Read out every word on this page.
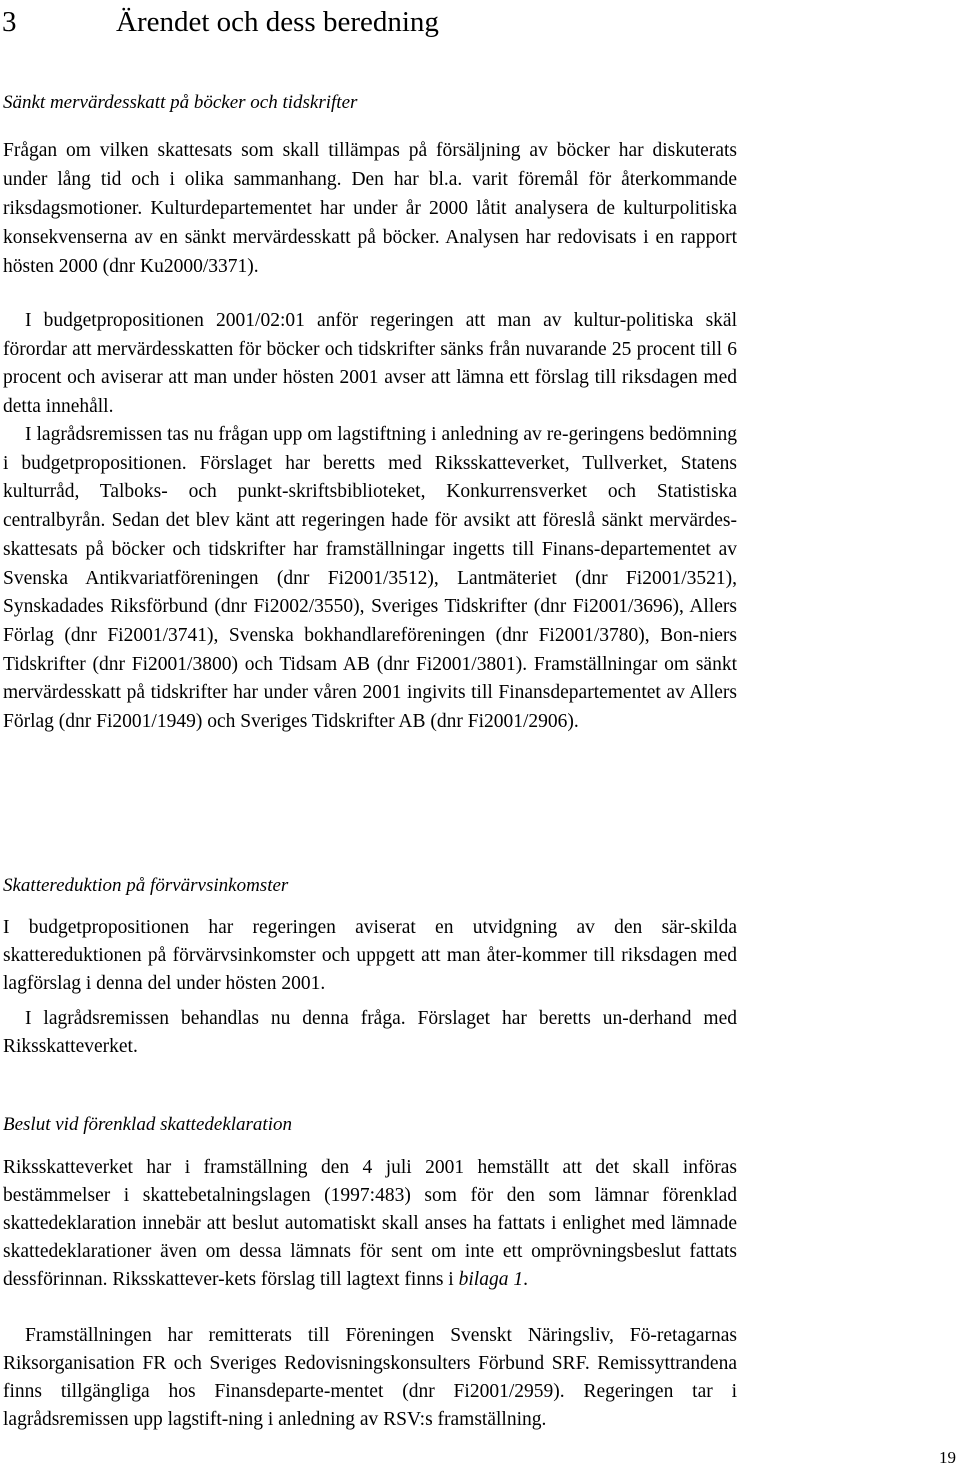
3	Ärendet och dess beredning
Sänkt mervärdesskatt på böcker och tidskrifter
Frågan om vilken skattesats som skall tillämpas på försäljning av böcker har diskuterats under lång tid och i olika sammanhang. Den har bl.a. varit föremål för återkommande riksdagsmotioner. Kulturdepartementet har under år 2000 låtit analysera de kulturpolitiska konsekvenserna av en sänkt mervärdesskatt på böcker. Analysen har redovisats i en rapport hösten 2000 (dnr Ku2000/3371).
I budgetpropositionen 2001/02:01 anför regeringen att man av kultur-politiska skäl förordar att mervärdesskatten för böcker och tidskrifter sänks från nuvarande 25 procent till 6 procent och aviserar att man under hösten 2001 avser att lämna ett förslag till riksdagen med detta innehåll.
I lagrådsremissen tas nu frågan upp om lagstiftning i anledning av re-geringens bedömning i budgetpropositionen. Förslaget har beretts med Riksskatteverket, Tullverket, Statens kulturråd, Talboks- och punkt-skriftsbiblioteket, Konkurrensverket och Statistiska centralbyrån. Sedan det blev känt att regeringen hade för avsikt att föreslå sänkt mervärdes-skattesats på böcker och tidskrifter har framställningar ingetts till Finans-departementet av Svenska Antikvariatföreningen (dnr Fi2001/3512), Lantmäteriet (dnr Fi2001/3521), Synskadades Riksförbund (dnr Fi2002/3550), Sveriges Tidskrifter (dnr Fi2001/3696), Allers Förlag (dnr Fi2001/3741), Svenska bokhandlareföreningen (dnr Fi2001/3780), Bon-niers Tidskrifter (dnr Fi2001/3800) och Tidsam AB (dnr Fi2001/3801). Framställningar om sänkt mervärdesskatt på tidskrifter har under våren 2001 ingivits till Finansdepartementet av Allers Förlag (dnr Fi2001/1949) och Sveriges Tidskrifter AB (dnr Fi2001/2906).
Skattereduktion på förvärvsinkomster
I budgetpropositionen har regeringen aviserat en utvidgning av den sär-skilda skattereduktionen på förvärvsinkomster och uppgett att man åter-kommer till riksdagen med lagförslag i denna del under hösten 2001.
I lagrådsremissen behandlas nu denna fråga. Förslaget har beretts un-derhand med Riksskatteverket.
Beslut vid förenklad skattedeklaration
Riksskatteverket har i framställning den 4 juli 2001 hemställt att det skall införas bestämmelser i skattebetalningslagen (1997:483) som för den som lämnar förenklad skattedeklaration innebär att beslut automatiskt skall anses ha fattats i enlighet med lämnade skattedeklarationer även om dessa lämnats för sent om inte ett omprövningsbeslut fattats dessförinnan. Riksskattever-kets förslag till lagtext finns i bilaga 1.
Framställningen har remitterats till Föreningen Svenskt Näringsliv, Fö-retagarnas Riksorganisation FR och Sveriges Redovisningskonsulters Förbund SRF. Remissyttrandena finns tillgängliga hos Finansdeparte-mentet (dnr Fi2001/2959). Regeringen tar i lagrådsremissen upp lagstift-ning i anledning av RSV:s framställning.
19
